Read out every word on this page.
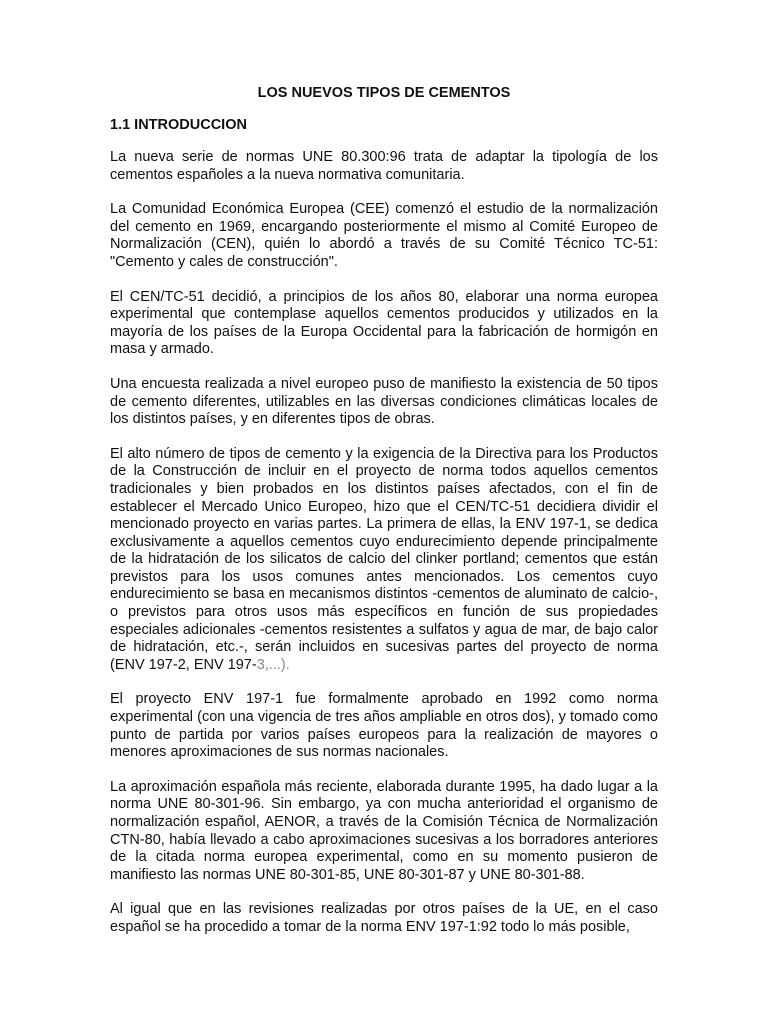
LOS NUEVOS TIPOS DE CEMENTOS
1.1 INTRODUCCION

La nueva serie de normas UNE 80.300:96 trata de adaptar la tipología de los cementos españoles a la nueva normativa comunitaria.

La Comunidad Económica Europea (CEE) comenzó el estudio de la normalización del cemento en 1969, encargando posteriormente el mismo al Comité Europeo de Normalización (CEN), quién lo abordó a través de su Comité Técnico TC-51: "Cemento y cales de construcción".

El CEN/TC-51 decidió, a principios de los años 80, elaborar una norma europea experimental que contemplase aquellos cementos producidos y utilizados en la mayoría de los países de la Europa Occidental para la fabricación de hormigón en masa y armado.

Una encuesta realizada a nivel europeo puso de manifiesto la existencia de 50 tipos de cemento diferentes, utilizables en las diversas condiciones climáticas locales de los distintos países, y en diferentes tipos de obras.

El alto número de tipos de cemento y la exigencia de la Directiva para los Productos de la Construcción de incluir en el proyecto de norma todos aquellos cementos tradicionales y bien probados en los distintos países afectados, con el fin de establecer el Mercado Unico Europeo, hizo que el CEN/TC-51 decidiera dividir el mencionado proyecto en varias partes. La primera de ellas, la ENV 197-1, se dedica exclusivamente a aquellos cementos cuyo endurecimiento depende principalmente de la hidratación de los silicatos de calcio del clinker portland; cementos que están previstos para los usos comunes antes mencionados. Los cementos cuyo endurecimiento se basa en mecanismos distintos -cementos de aluminato de calcio-, o previstos para otros usos más específicos en función de sus propiedades especiales adicionales -cementos resistentes a sulfatos y agua de mar, de bajo calor de hidratación, etc.-, serán incluidos en sucesivas partes del proyecto de norma (ENV 197-2, ENV 197-3,...).

El proyecto ENV 197-1 fue formalmente aprobado en 1992 como norma experimental (con una vigencia de tres años ampliable en otros dos), y tomado como punto de partida por varios países europeos para la realización de mayores o menores aproximaciones de sus normas nacionales.

La aproximación española más reciente, elaborada durante 1995, ha dado lugar a la norma UNE 80-301-96. Sin embargo, ya con mucha anterioridad el organismo de normalización español, AENOR, a través de la Comisión Técnica de Normalización CTN-80, había llevado a cabo aproximaciones sucesivas a los borradores anteriores de la citada norma europea experimental, como en su momento pusieron de manifiesto las normas UNE 80-301-85, UNE 80-301-87 y UNE 80-301-88.

Al igual que en las revisiones realizadas por otros países de la UE, en el caso español se ha procedido a tomar de la norma ENV 197-1:92 todo lo más posible,
